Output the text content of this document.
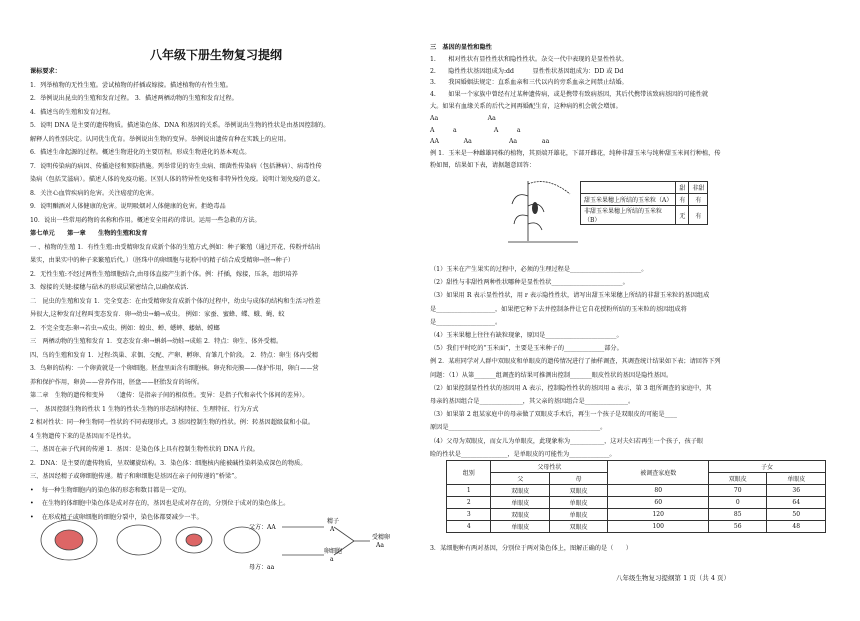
八年级下册生物复习提纲
课标要求：
1．列举植物的无性生殖。尝试植物的扦插或嫁接。描述植物的有性生殖。
2．举例说出昆虫的生殖和发育过程。 3．描述两栖动物的生殖和发育过程。
4．描述鸟的生殖和发育过程。
5．说明 DNA 是主要的遗传物质。描述染色体、DNA 和基因的关系。举例说出生物的性状是由基因控制的。
解释人的性别决定。认同优生优育。举例说出生物的变异。举例说出遗传育种在实践上的应用。
6．描述生命起源的过程。概述生物进化的主要历程。形成生物进化的基本观点。
7．说明传染病的病因、传播途径和预防措施。列举常见的寄生虫病、细菌性传染病（包括淋病）、病毒性传
染病（包括艾滋病）。描述人体的免疫功能。区别人体的特异性免疫和非特异性免疫。说明计划免疫的意义。
8．关注心血管疾病的危害。关注癌症的危害。
9．说明酗酒对人体健康的危害。说明吸烟对人体健康的危害。拒绝毒品
10．说出一些常用药物的名称和作用。概述安全用药的常识。运用一些急救的方法。
第七单元　　第一章　　生物的生殖和发育
一 、植物的生殖 1．有性生殖:由受精卵发育成新个体的生殖方式,例如：种子繁殖（通过开花、传粉并结出
果实，由果实中的种子来繁殖后代。）（胚珠中的卵细胞与花粉中的精子结合成受精卵→胚→种子）
2．无性生殖:不经过两性生殖细胞结合,由母体直接产生新个体。例：扦插，嫁接，压条，组织培养
3．嫁接的关键:接穗与砧木的形成层紧密结合,以确保成活.
二　昆虫的生殖和发育 1．完全变态：在由受精卵发育成新个体的过程中，幼虫与成体的结构和生活习性差
异很大,这种发育过程叫变态发育．卵→幼虫→蛹→成虫。 例如：家蚕、蜜蜂、蝶、蛾、蝇、蚊
2．不完全变态:卵→若虫→成虫。例如：蝗虫、蝉、蟋蟀、蝼蛄、螳螂
三　两栖动物的生殖和发育 1．变态发育:卵→蝌蚪→幼蛙→成蛙 2．特点：卵生、体外受精。
四、鸟的生殖和发育 1．过程:筑巢、求偶、交配、产卵、孵卵、育雏几个阶段。 2．特点：卵生 体内受精
3．鸟卵的结构：一个卵黄就是一个卵细胞。胚盘里面含有细胞核。卵壳和壳膜——保护作用，卵白——营
养和保护作用，卵黄——营养作用，胚盘——胚胎发育的场所。
第二章　生物的遗传和变异　　（遗传：是指亲子间的相似性。变异：是指子代和亲代个体间的差异）。
一、 基因控制生物的性状 1 生物的性状:生物的形态结构特征、生理特征、行为方式
2 相对性状：同一种生物同一性状的不同表现形式。3 基因控制生物的性状。例：转基因超级鼠和小鼠。
4 生物遗传下来的是基因而不是性状。
二、基因在亲子代间的传递 1．基因：是染色体上具有控制生物性状的 DNA 片段。
2．DNA：是主要的遗传物质，呈双螺旋结构。3．染色体：细胞核内能被碱性染料染成深色的物质。
三、基因经精子或卵细胞传递。精子和卵细胞是基因在亲子间传递的“桥梁”。
•　 每一种生物细胞内的染色体的形态和数目都是一定的。
•　 在生物的体细胞中染色体是成对存在的，基因也是成对存在的，分别位于成对的染色体上。
•　 在形成精子或卵细胞的细胞分裂中，染色体都要减少一半。
父方：AA
母方：aa
精子
A
卵细胞
a
受精卵
Aa
三　基因的显性和隐性
1.　　相对性状有显性性状和隐性性状。杂交一代中表现的是显性性状。
2.　　隐性性状基因组成为:dd　　　显性性状基因组成为：DD 或 Dd
3.　　我国婚姻法规定：直系血亲和三代以内的旁系血亲之间禁止结婚。
4.　　如果一个家族中曾经有过某种遗传病，或是携带有致病基因，其后代携带该致病基因的可能性就
大。如果有血缘关系的后代之间再婚配生育，这种病的机会就会增加。
Aa　　　　　　　　Aa
A　　　a　　　　　　A　　　a
AA　　　　Aa　　　　　　Aa　　　　aa
例 1．玉米是一种雌雄同株的植物，其顶端开雄花，下部开雌花，纯种非甜玉米与纯种甜玉米间行种植，传
粉如图，结果如下表，请据题意回答：
	甜	非甜
甜玉米果穗上所结的玉米粒（A）	有	有

非甜玉米果穗上所结的玉米粒
（B）	无	有
（1）玉米在产生果实的过程中，必须的生理过程是_______________________。
（2）甜性与非甜性两种性状哪种是显性性状_______________________。
（3）如果用 R 表示显性性状，用 r 表示隐性性状，请写出甜玉米果穗上所结的非甜玉米粒的基因组成
是___________________，如果把它种下去并控制条件让它自花授粉所结的玉米粒的基因组成将
是___________________。
（4）玉米果穗上往往有缺粒现象，原因是_______________________。
（5）我们平时吃的“玉米面”，主要是玉米种子的_____________部分。
例 2．某班同学对人群中双眼皮和单眼皮的遗传情况进行了抽样调查，其调查统计结果如下表；请回答下列
问题：（1）从第_______组调查的结果可推测出控制_______眼皮性状的基因是隐性基因。
（2）如果控制显性性状的基因用 A 表示，控制隐性性状的基因用 a 表示，第 3 组所调查的家庭中，其
母亲的基因组合是______________，其父亲的基因组合是______________。
（3）如果第 2 组某家庭中的母亲做了双眼皮手术后，再生一个孩子是双眼皮的可能是____
原因是_________________________________________________。
（4）父母为双眼皮，而女儿为单眼皮，此现象称为___________，这对夫妇若再生一个孩子，孩子眼
睑的性状是_______________，是单眼皮的可能性为_____________。
组别	父母性状		被调查家庭数	子女	
	父	母		双眼皮	单眼皮
1	双眼皮	双眼皮	80	70	36
2	单眼皮	单眼皮	60	0	64
3	双眼皮	单眼皮	120	85	50
4	单眼皮	双眼皮	100	56	48
3．某细胞种有两对基因，分别位于两对染色体上，图解正确的是（　　）
八年级生物复习提纲第 1 页（共 4 页）
